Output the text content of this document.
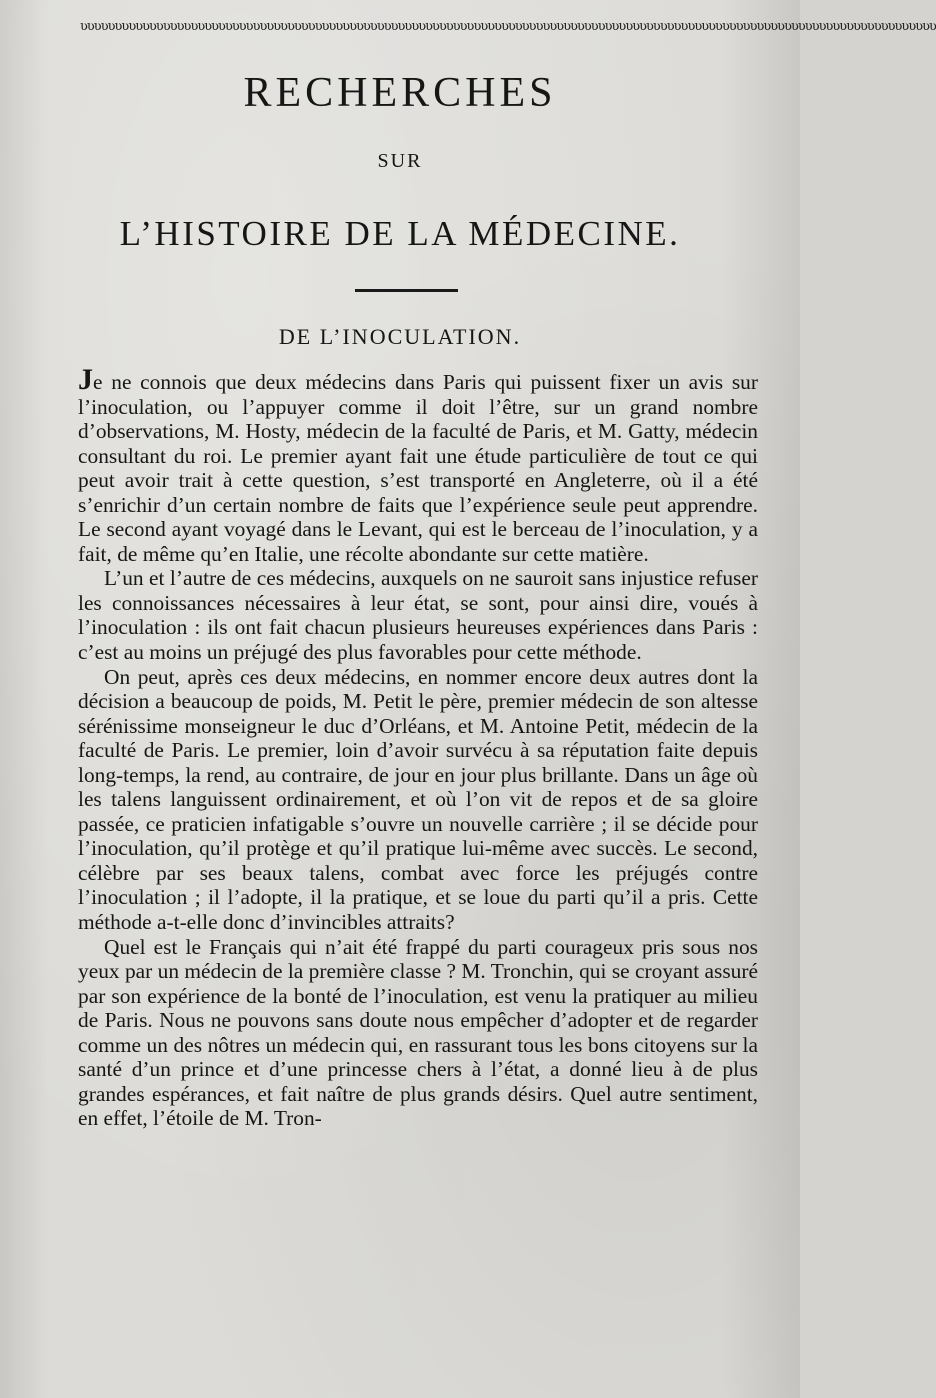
ʋʋʋʋʋʋʋʋʋʋʋʋʋʋʋʋʋʋʋʋʋʋʋʋʋʋʋʋʋʋʋʋʋʋʋʋʋʋʋʋʋʋʋʋʋʋʋʋʋʋʋʋʋʋʋʋʋʋʋʋʋʋʋʋʋʋʋʋʋʋʋʋʋʋʋʋʋʋʋʋʋʋʋʋʋʋʋʋʋʋʋʋʋʋʋʋʋʋʋʋʋʋʋʋʋʋʋʋʋʋʋʋʋʋʋʋʋʋʋʋʋʋʋʋ
RECHERCHES
SUR
L’HISTOIRE DE LA MÉDECINE.
DE L’INOCULATION.

Je ne connois que deux médecins dans Paris qui puissent fixer un avis sur l’inoculation, ou l’appuyer comme il doit l’être, sur un grand nombre d’observations, M. Hosty, médecin de la faculté de Paris, et M. Gatty, médecin consultant du roi. Le premier ayant fait une étude particulière de tout ce qui peut avoir trait à cette question, s’est transporté en Angleterre, où il a été s’enrichir d’un certain nombre de faits que l’expérience seule peut apprendre. Le second ayant voyagé dans le Levant, qui est le berceau de l’inoculation, y a fait, de même qu’en Italie, une récolte abondante sur cette matière.

L’un et l’autre de ces médecins, auxquels on ne sauroit sans injustice refuser les connoissances nécessaires à leur état, se sont, pour ainsi dire, voués à l’inoculation : ils ont fait chacun plusieurs heureuses expériences dans Paris : c’est au moins un préjugé des plus favorables pour cette méthode.

On peut, après ces deux médecins, en nommer encore deux autres dont la décision a beaucoup de poids, M. Petit le père, premier médecin de son altesse sérénissime monseigneur le duc d’Orléans, et M. Antoine Petit, médecin de la faculté de Paris. Le premier, loin d’avoir survécu à sa réputation faite depuis long-temps, la rend, au contraire, de jour en jour plus brillante. Dans un âge où les talens languissent ordinairement, et où l’on vit de repos et de sa gloire passée, ce praticien infatigable s’ouvre un nouvelle carrière ; il se décide pour l’inoculation, qu’il protège et qu’il pratique lui-même avec succès. Le second, célèbre par ses beaux talens, combat avec force les préjugés contre l’inoculation ; il l’adopte, il la pratique, et se loue du parti qu’il a pris. Cette méthode a-t-elle donc d’invincibles attraits?

Quel est le Français qui n’ait été frappé du parti courageux pris sous nos yeux par un médecin de la première classe ? M. Tronchin, qui se croyant assuré par son expérience de la bonté de l’inoculation, est venu la pratiquer au milieu de Paris. Nous ne pouvons sans doute nous empêcher d’adopter et de regarder comme un des nôtres un médecin qui, en rassurant tous les bons citoyens sur la santé d’un prince et d’une princesse chers à l’état, a donné lieu à de plus grandes espérances, et fait naître de plus grands désirs. Quel autre sentiment, en effet, l’étoile de M. Tron-
